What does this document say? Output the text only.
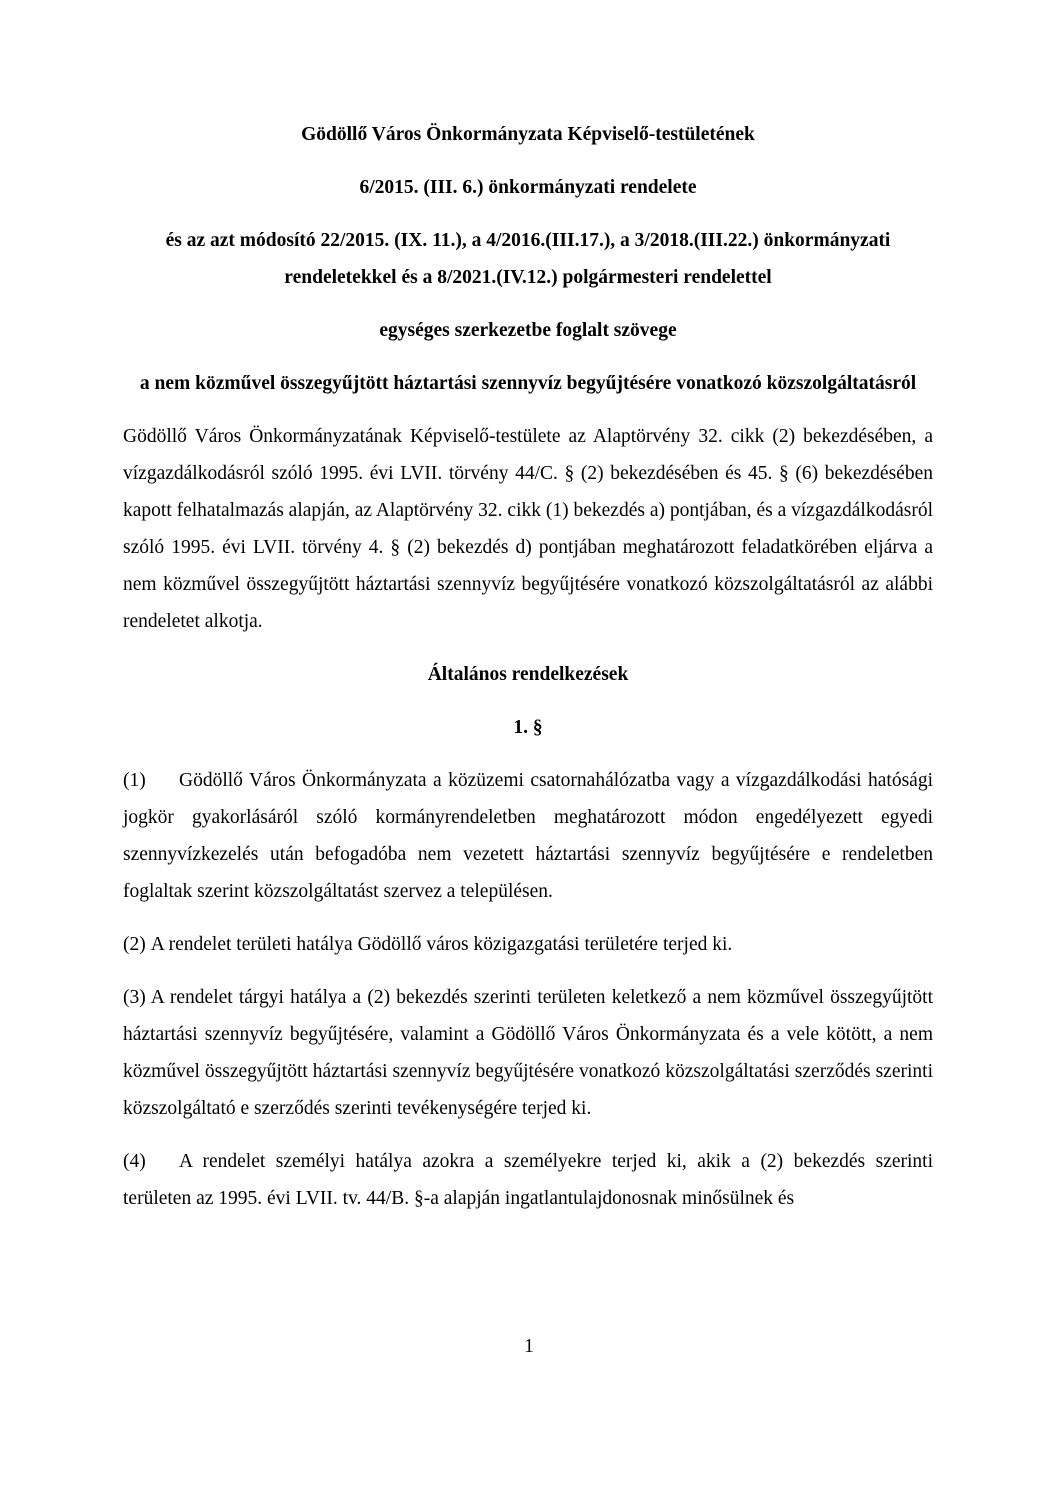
Gödöllő Város Önkormányzata Képviselő-testületének

6/2015. (III. 6.) önkormányzati rendelete

és az azt módosító 22/2015. (IX. 11.), a 4/2016.(III.17.), a 3/2018.(III.22.) önkormányzati rendeletekkel és a 8/2021.(IV.12.) polgármesteri rendelettel

egységes szerkezetbe foglalt szövege

a nem közművel összegyűjtött háztartási szennyvíz begyűjtésére vonatkozó közszolgáltatásról

Gödöllő Város Önkormányzatának Képviselő-testülete az Alaptörvény 32. cikk (2) bekezdésében, a vízgazdálkodásról szóló 1995. évi LVII. törvény 44/C. § (2) bekezdésében és 45. § (6) bekezdésében kapott felhatalmazás alapján, az Alaptörvény 32. cikk (1) bekezdés a) pontjában, és a vízgazdálkodásról szóló 1995. évi LVII. törvény 4. § (2) bekezdés d) pontjában meghatározott feladatkörében eljárva a nem közművel összegyűjtött háztartási szennyvíz begyűjtésére vonatkozó közszolgáltatásról az alábbi rendeletet alkotja.

Általános rendelkezések

1. §

(1) Gödöllő Város Önkormányzata a közüzemi csatornahálózatba vagy a vízgazdálkodási hatósági jogkör gyakorlásáról szóló kormányrendeletben meghatározott módon engedélyezett egyedi szennyvízkezelés után befogadóba nem vezetett háztartási szennyvíz begyűjtésére e rendeletben foglaltak szerint közszolgáltatást szervez a településen.

(2) A rendelet területi hatálya Gödöllő város közigazgatási területére terjed ki.

(3) A rendelet tárgyi hatálya a (2) bekezdés szerinti területen keletkező a nem közművel összegyűjtött háztartási szennyvíz begyűjtésére, valamint a Gödöllő Város Önkormányzata és a vele kötött, a nem közművel összegyűjtött háztartási szennyvíz begyűjtésére vonatkozó közszolgáltatási szerződés szerinti közszolgáltató e szerződés szerinti tevékenységére terjed ki.

(4) A rendelet személyi hatálya azokra a személyekre terjed ki, akik a (2) bekezdés szerinti területen az 1995. évi LVII. tv. 44/B. §-a alapján ingatlantulajdonosnak minősülnek és

1
